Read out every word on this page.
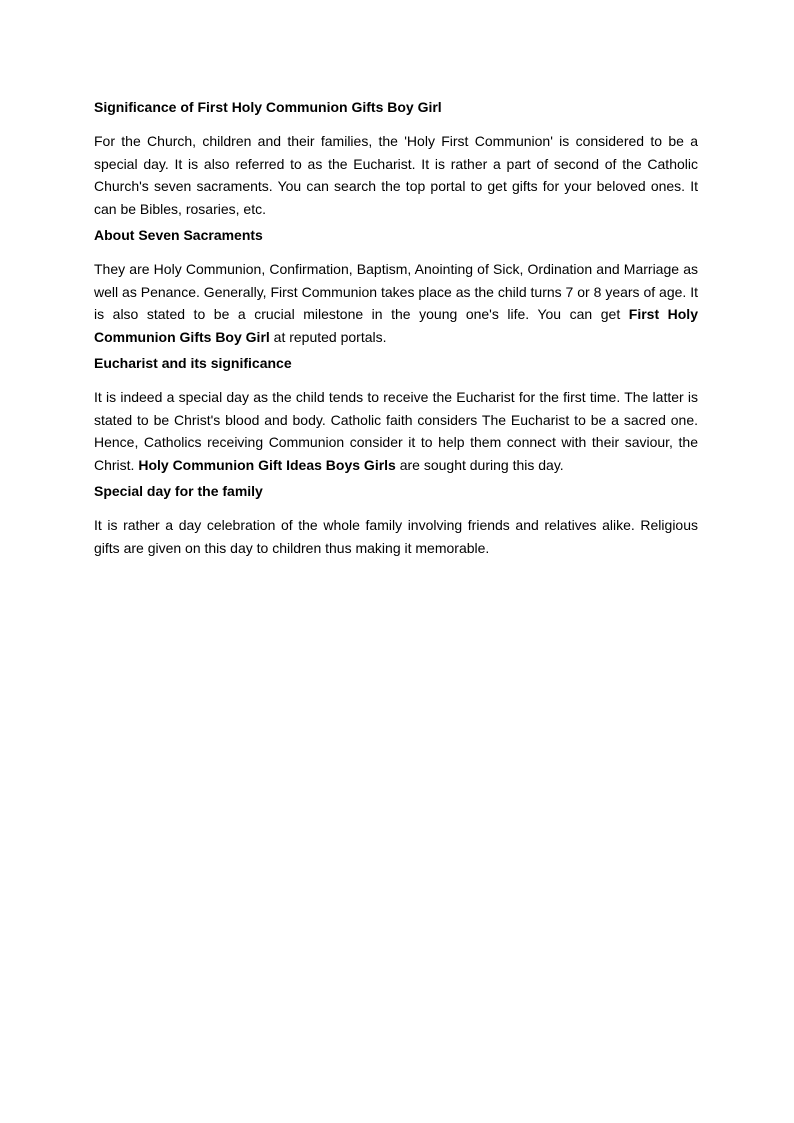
Significance of First Holy Communion Gifts Boy Girl

For the Church, children and their families, the 'Holy First Communion' is considered to be a special day. It is also referred to as the Eucharist. It is rather a part of second of the Catholic Church's seven sacraments. You can search the top portal to get gifts for your beloved ones. It can be Bibles, rosaries, etc.

About Seven Sacraments

They are Holy Communion, Confirmation, Baptism, Anointing of Sick, Ordination and Marriage as well as Penance. Generally, First Communion takes place as the child turns 7 or 8 years of age. It is also stated to be a crucial milestone in the young one's life. You can get First Holy Communion Gifts Boy Girl at reputed portals.

Eucharist and its significance

It is indeed a special day as the child tends to receive the Eucharist for the first time. The latter is stated to be Christ's blood and body. Catholic faith considers The Eucharist to be a sacred one. Hence, Catholics receiving Communion consider it to help them connect with their saviour, the Christ. Holy Communion Gift Ideas Boys Girls are sought during this day.

Special day for the family

It is rather a day celebration of the whole family involving friends and relatives alike. Religious gifts are given on this day to children thus making it memorable.
